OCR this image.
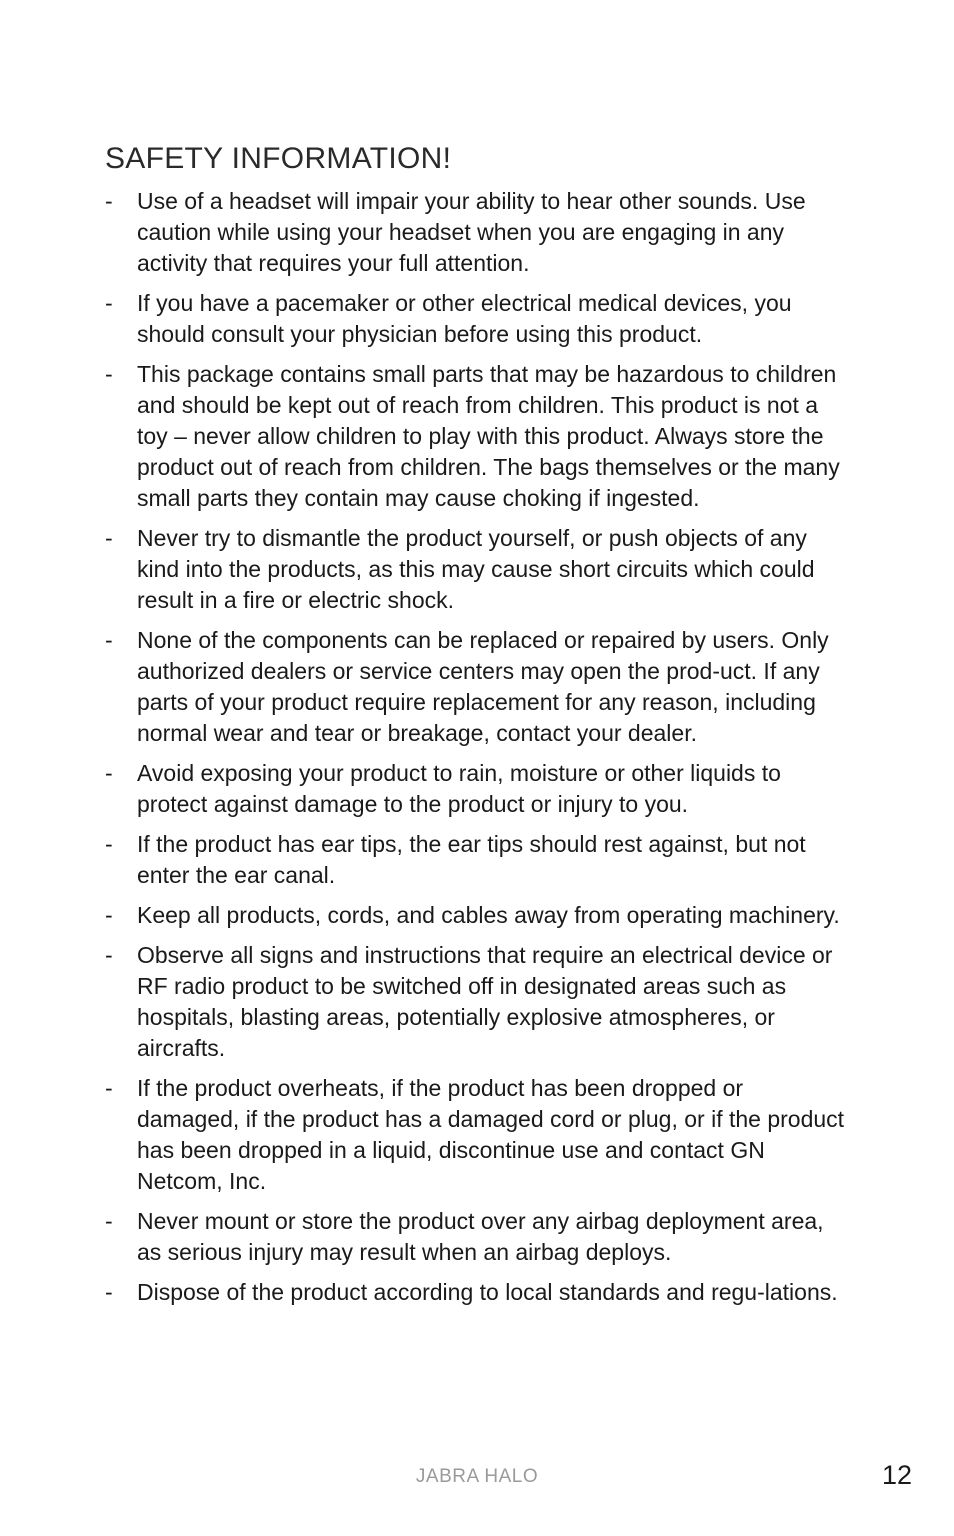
SAFETY INFORMATION!
-	Use of a headset will impair your ability to hear other sounds. Use caution while using your headset when you are engaging in any activity that requires your full attention.
-	If you have a pacemaker or other electrical medical devices, you should consult your physician before using this product.
-	This package contains small parts that may be hazardous to children and should be kept out of reach from children. This product is not a toy – never allow children to play with this product. Always store the product out of reach from children. The bags themselves or the many small parts they contain may cause choking if ingested.
-	Never try to dismantle the product yourself, or push objects of any kind into the products, as this may cause short circuits which could result in a fire or electric shock.
-	None of the components can be replaced or repaired by users. Only authorized dealers or service centers may open the prod-uct. If any parts of your product require replacement for any reason, including normal wear and tear or breakage, contact your dealer.
-	Avoid exposing your product to rain, moisture or other liquids to protect against damage to the product or injury to you.
-	If the product has ear tips, the ear tips should rest against, but not enter the ear canal.
-	Keep all products, cords, and cables away from operating machinery.
-	Observe all signs and instructions that require an electrical device or RF radio product to be switched off in designated areas such as hospitals, blasting areas, potentially explosive atmospheres, or aircrafts.
-	If the product overheats, if the product has been dropped or damaged, if the product has a damaged cord or plug, or if the product has been dropped in a liquid, discontinue use and contact GN Netcom, Inc.
-	Never mount or store the product over any airbag deployment area, as serious injury may result when an airbag deploys.
-	Dispose of the product according to local standards and regu-lations.
JABRA HALO	12
